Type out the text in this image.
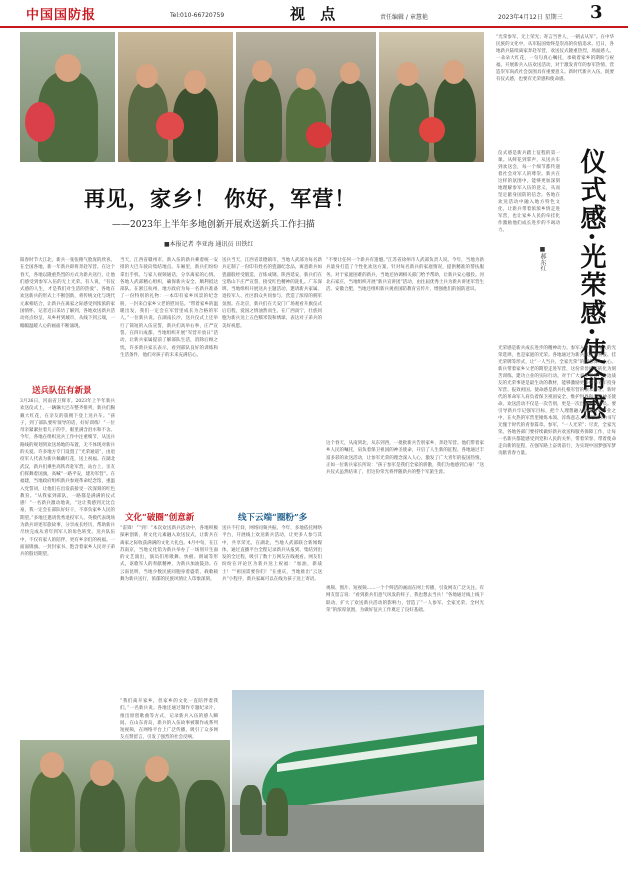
中国国防报	Tel:010-66720759	视 点	责任编辑 / 章慧艳	2023年4月12日 星期三 3
“光荣参军，无上荣光；寄言当世人，一朝去从军”。在中华民族的文化中，从军报国始终是崇高的价值追求。近日，各地新兵陆续离家奔赴军营，欢送仪式隆重热烈，场面感人。一朵朵大红花，一句句真心嘱托，承载着家乡的期盼与祝福。开展新兵入伍欢送活动，对于激发青年的参军热情、营造崇军尚武社会氛围具有重要意义。新时代新兵入伍，既要有仪式感，也要有光荣感和使命感。
仪式感·光荣感·使命感
■郝东红
仪式感是新兵踏上征程的第一课。从鲜花到掌声，从送兵车到欢送会，每一个细节都传递着社会对军人的尊崇。新兵在这样的氛围中，能够更加深刻地理解参军入伍的意义，从而坚定献身国防的信念。各地在欢送活动中融入地方特色文化，让新兵带着浓浓乡情走进军营，也让家乡人民的牵挂化作激励他们成长进步的不竭动力。
光荣感是新兵成长进步的精神动力。参军入伍是青年人的光荣选择，也是家庭的光荣。各地通过为新兵家庭送喜报、挂光荣牌等形式，让“一人当兵、全家光荣”的理念深入人心。新兵带着家乡父老的期望走进军营，这份荣誉感将转化为刻苦训练、建功立业的实际行动。对于广大青年来说，身边战友的光荣事迹是最生动的教材，能够激励更多优秀青年投身军营、报效祖国。使命感是新兵扎根军营的根本所在。新时代的革命军人肩负着保卫祖国安全、维护世界和平的神圣使命。欢送活动不仅是一次告别，更是一次出征前的动员。要引导新兵牢记强军目标，把个人理想融入强国强军伟业之中，在火热的军营里锤炼本领、淬炼意志，以实际行动书写无愧于时代的青春篇章。参军，“一人光荣”；尽责，全家光荣。各地各部门要持续做好新兵欢送和服务保障工作，让每一名新兵都能感受到党和人民的关怀，带着荣誉、带着使命走向新的征程，在强军路上奋勇前行，为实现中国梦强军梦贡献青春力量。
再见，家乡！ 你好，军营！
——2023年上半年多地创新开展欢送新兵工作扫描
■本报记者 李亚海 通讯员 田铁红
阳春时节大江北，新兵一张张稚气脸庞的欣喜。在全国各地，新一年新兵即将奔赴军营。在这个春天，各地以隆重热烈的方式为新兵送行，让他们感受到参军入伍的无上光荣。有人说，“有仪式感的人生，才是我们对生活的热爱”。各地在欢送新兵的形式上不断创新，将传统文化与现代元素相结合，让新兵在离家之际感受到浓浓的家国情怀。记者近日采访了解到，各地欢送新兵活动亮点纷呈，从乡村到城市，从线下到云端，一幅幅温暖人心的画面不断涌现。
送兵队伍有新景
3月26日，河南省卫辉市。2023年上半年新兵欢送仪式上，一辆辆大巴车整齐排列，新兵们胸戴大红花，在亲友的簇拥下登上送兵车。“孩子，到了部队要听领导的话，好好训练！”一位母亲紧紧拉着儿子的手，眼里满含泪水和不舍。今年，各地在组织送兵工作中注重细节，从送兵路线的规划到欢送场地的布置，无不体现对新兵的关爱。许多地方专门设置了“光荣通道”，由退役军人代表为新兵佩戴红花，送上祝福。在湖北武汉，新兵们乘坐高铁奔赴军营，站台上，亲友们挥舞着国旗，高喊“一路平安，建功军营”。在福建，当地政府组织新兵参观革命纪念馆，重温入党誓词，让他们在出发前接受一次深刻的红色教育。“从我家到部队，一路都是满满的仪式感！”一名新兵激动地说，“这让我感到无比自豪，我一定会在部队好好干，不辜负家乡人民的期望。”多地还邀请优秀退役军人、英模代表现场为新兵讲述军旅故事，分享成长经历，帮助新兵尽快完成从青年到军人的角色转变。送兵队伍中，不仅有家人的陪伴，更有乡亲们的祝福。一面面锦旗、一封封家书，饱含着家乡人民对子弟兵的殷切期望。
当天，江西省赣州市，新入伍的新兵乘着统一安排的大巴车驶向集结地点。车厢里，新兵们纷纷拿出手机，与家人视频通话，分享离家的心情。各地人武部精心组织，确保新兵安全、顺利抵达部队。在浙江杭州，地方政府为每一名新兵准备了一份特别的礼物：一本印有家乡风景的纪念册，一封来自家乡父老的慰问信。“带着家乡的温暖出发，我们一定会在军营里成长为合格的军人。”一位新兵说。在湖南长沙，送兵仪式上还举行了简短的入伍宣誓，新兵们高举右拳，庄严宣誓。在四川成都，当地组织开展“军营开放日”活动，让新兵家属提前了解部队生活，消除后顾之忧。许多新兵家长表示，看到部队良好的训练和生活条件，他们对孩子的未来充满信心。
文化“破圈”创意新
“雷锋！”“到！”本次欢送新兵活动中，各地积极探索创新，将文化元素融入欢送仪式，让新兵在离家之际收获满满的文化大礼包。4月中旬，在江苏南京，当地文化馆为新兵举办了一场别开生面的文艺演出，演员们用歌舞、快板、朗诵等形式，讴歌军人的奉献精神，为新兵加油鼓劲。在云南昆明，当地少数民族同胞身着盛装，载歌载舞为新兵送行，浓郁的民族风情让人印象深刻。
“我们离开家乡，但家乡的文化一直陪伴着我们。”一名新兵说。各地还通过制作专题纪录片、推出原创歌曲等方式，记录新兵入伍的感人瞬间。在山东青岛，新兵的入伍故事被制作成系列短视频，在网络平台上广泛传播，吸引了众多网友点赞留言，引发了强烈的社会反响。
送兵当天，江西省景德镇市，当地人武部为每名新兵定制了一份印有姓名的瓷器纪念品，寓意新兵如瓷器般经受锻造，百炼成钢。陕西延安，新兵们在宝塔山下庄严宣誓，接受红色精神的洗礼。广东深圳，当地组织开展送兵主题活动，邀请新兵家属、退役军人、社区群众共同参与，营造了浓厚的拥军氛围。在北京，新兵们在天安门广场观看升旗仪式后启程，爱国之情油然而生。在广西南宁，壮族同胞为新兵送上五色糯米饭和绣球，表达对子弟兵的美好祝愿。
线下云端“圈粉”多
送兵不打烊，网络同频共振。今年，多地依托网络平台，开展线上欢送新兵活动，让更多人参与其中，共享荣光。在湖北，当地人武部联合新闻媒体，通过直播平台全程记录新兵从报到、集结到出发的全过程，吸引了数十万网友在线观看。网友们纷纷在评论区为新兵送上祝福：“加油，新战士！”“祖国需要你们！”在重庆，当地推出“云送兵”小程序，新兵家属可以在线为孩子送上寄语。
“不要让任何一个新兵有遗憾。”江苏省徐州市人武部负责人说。今年，当地为新兵量身打造了个性化欢送方案，针对每名新兵的家庭情况，提供精准的帮扶服务。对于家庭困难的新兵，当地还协调相关部门给予帮助，让新兵安心服役。河北石家庄，当地组织开展“新兵宣讲团”活动，由往届优秀士兵为新兵讲述军营生活。安徽合肥，当地还组织新兵观看国防教育宣传片，增强他们的国防意识。
这个春天，从南到北，从东到西，一批批新兵告别家乡，奔赴军营。他们带着家乡人民的嘱托，肩负着保卫祖国的神圣使命，开启了人生新的征程。各地通过丰富多彩的欢送活动，让参军光荣的理念深入人心，激发了广大青年的报国热情。正如一位新兵家长所说：“孩子参军是我们全家的骄傲，我们为他感到自豪！”送兵仪式虽然结束了，但这份荣光将伴随新兵的整个军旅生涯。
视频、图片、短视频……一个个鲜活的画面在网上传播，引发网友广泛关注。有网友留言说：“看到新兵们意气风发的样子，我也想去当兵！”各地通过线上线下联动，扩大了欢送新兵活动的影响力，营造了“一人参军、全家光荣、全村光荣”的浓厚氛围，为做好征兵工作奠定了良好基础。
